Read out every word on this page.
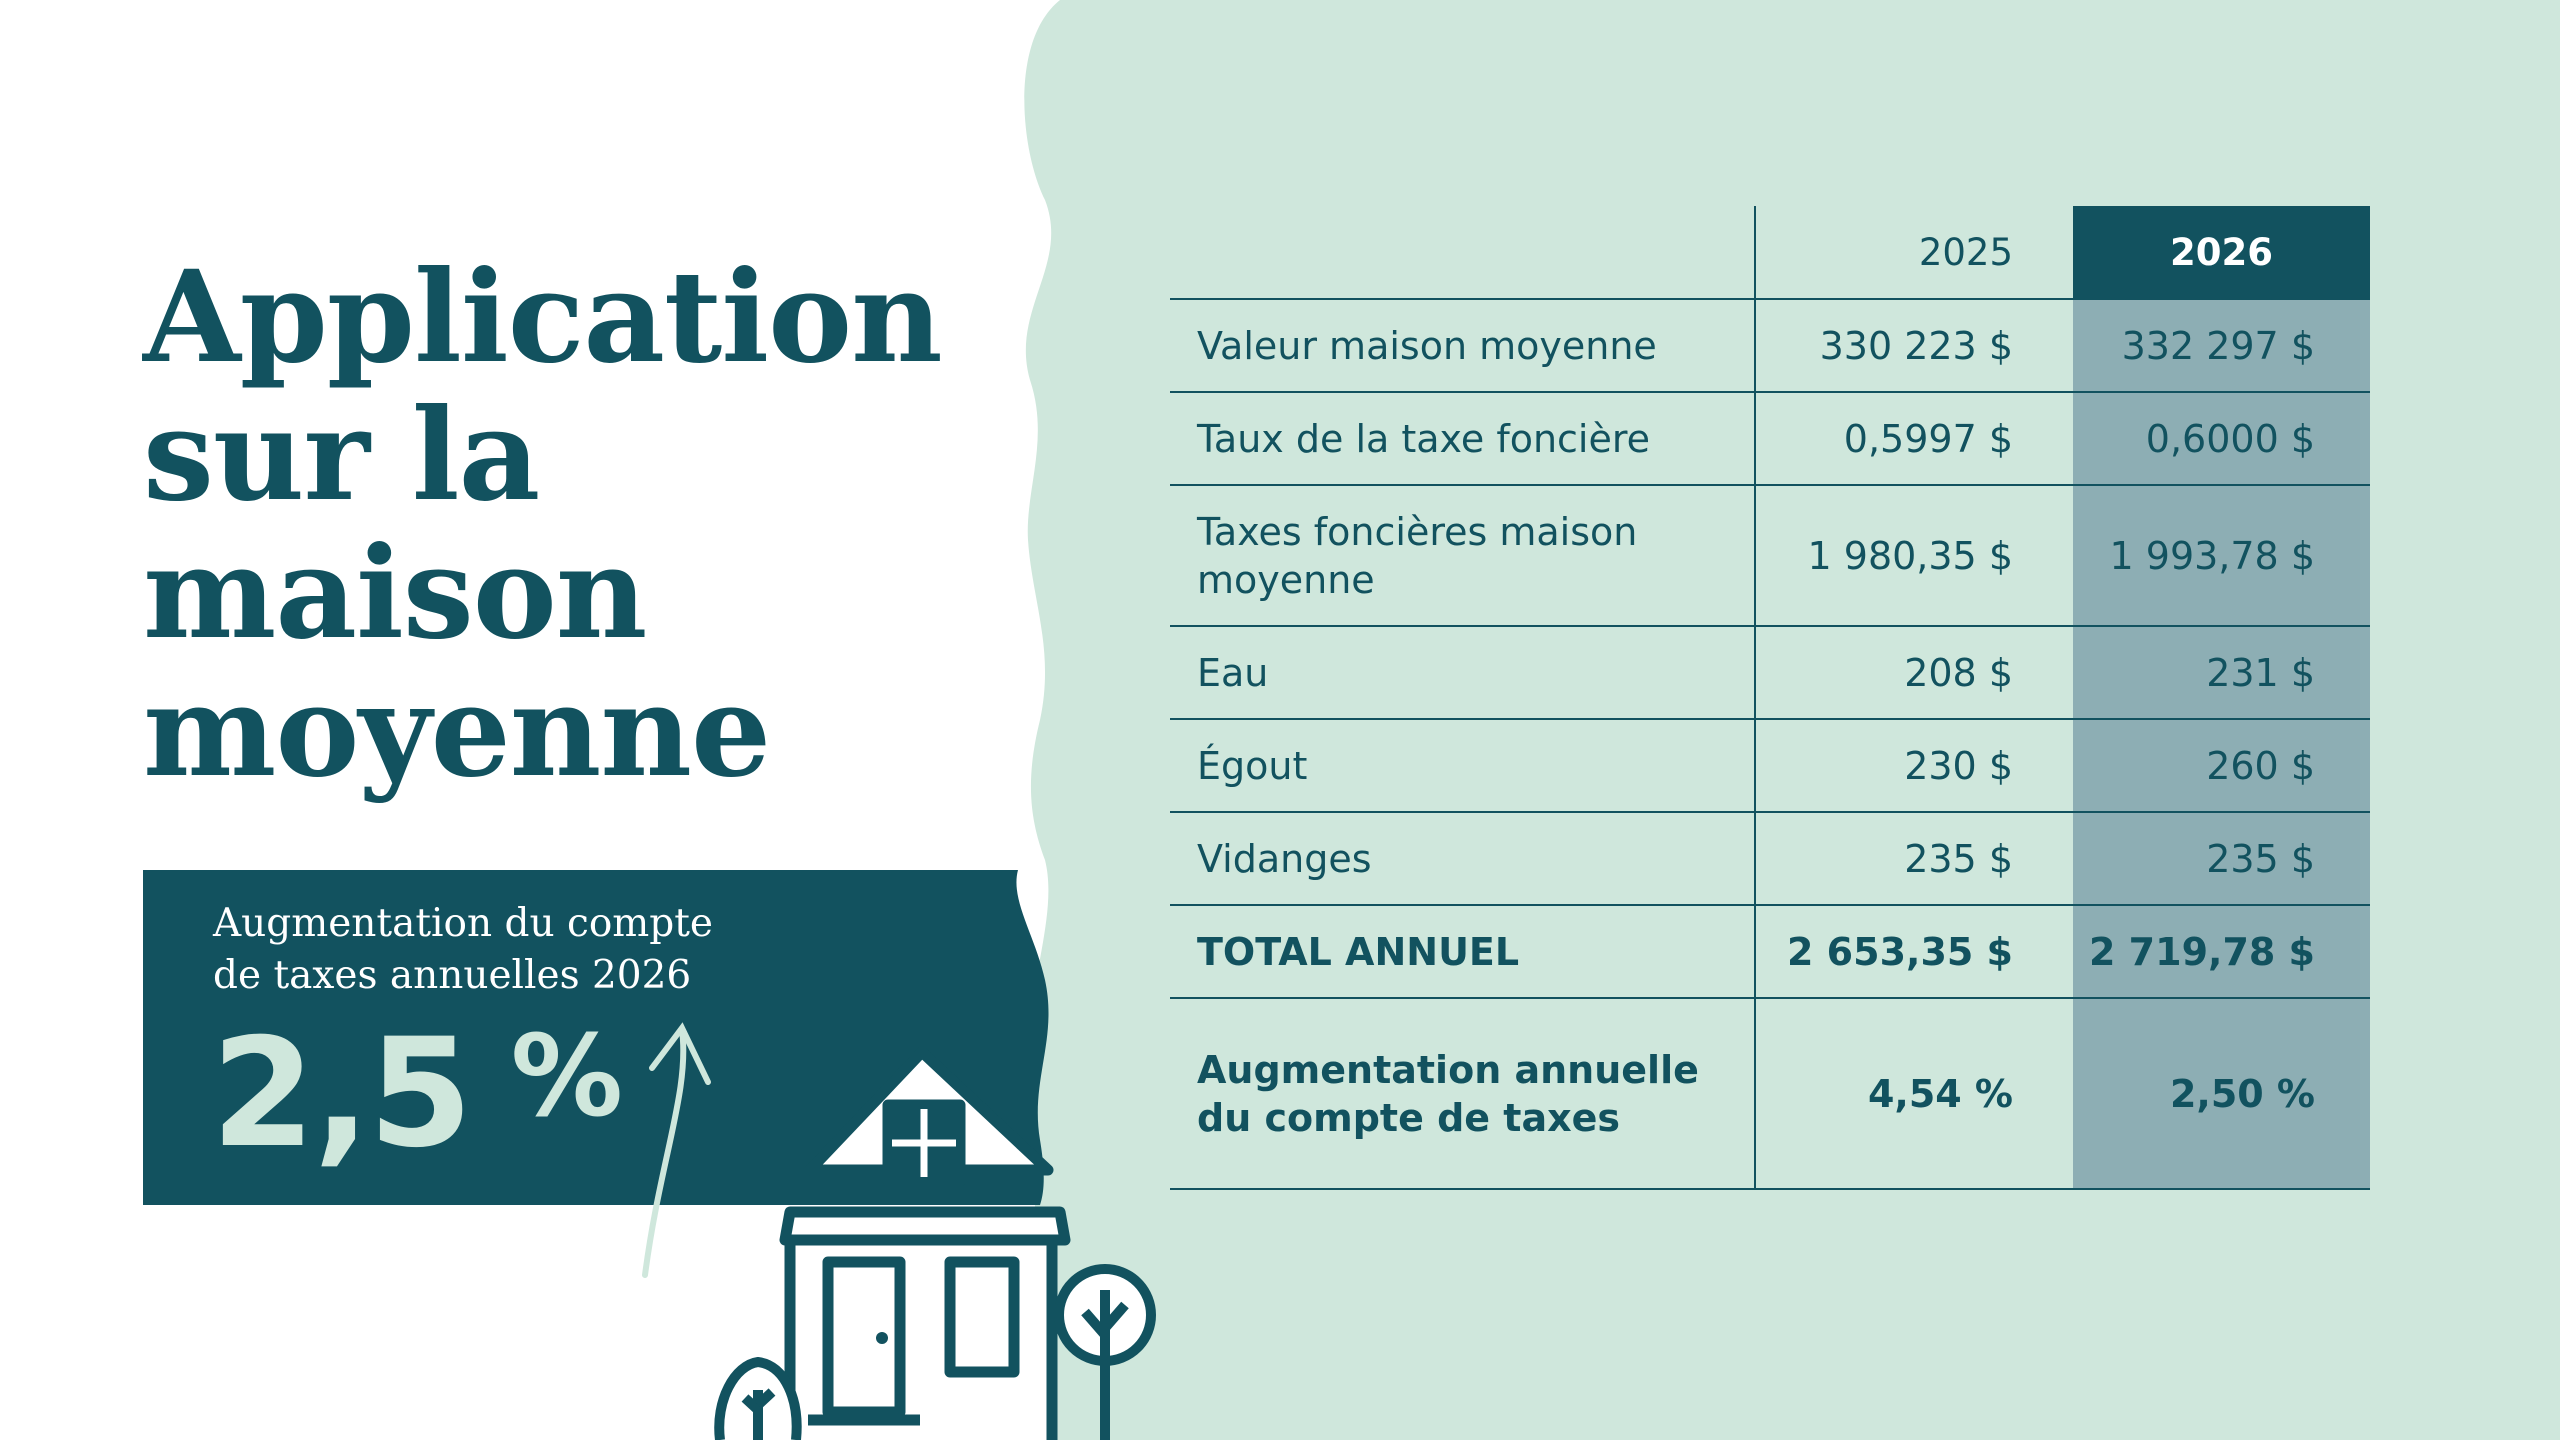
Application
sur la
maison
moyenne
Augmentation du compte
de taxes annuelles 2026
2,5 %
	2025	2026
Valeur maison moyenne	330 223 $	332 297 $
Taux de la taxe foncière	0,5997 $	0,6000 $
Taxes foncières maison moyenne	1 980,35 $	1 993,78 $
Eau	208 $	231 $
Égout	230 $	260 $
Vidanges	235 $	235 $
TOTAL ANNUEL	2 653,35 $	2 719,78 $
Augmentation annuelle du compte de taxes	4,54 %	2,50 %
